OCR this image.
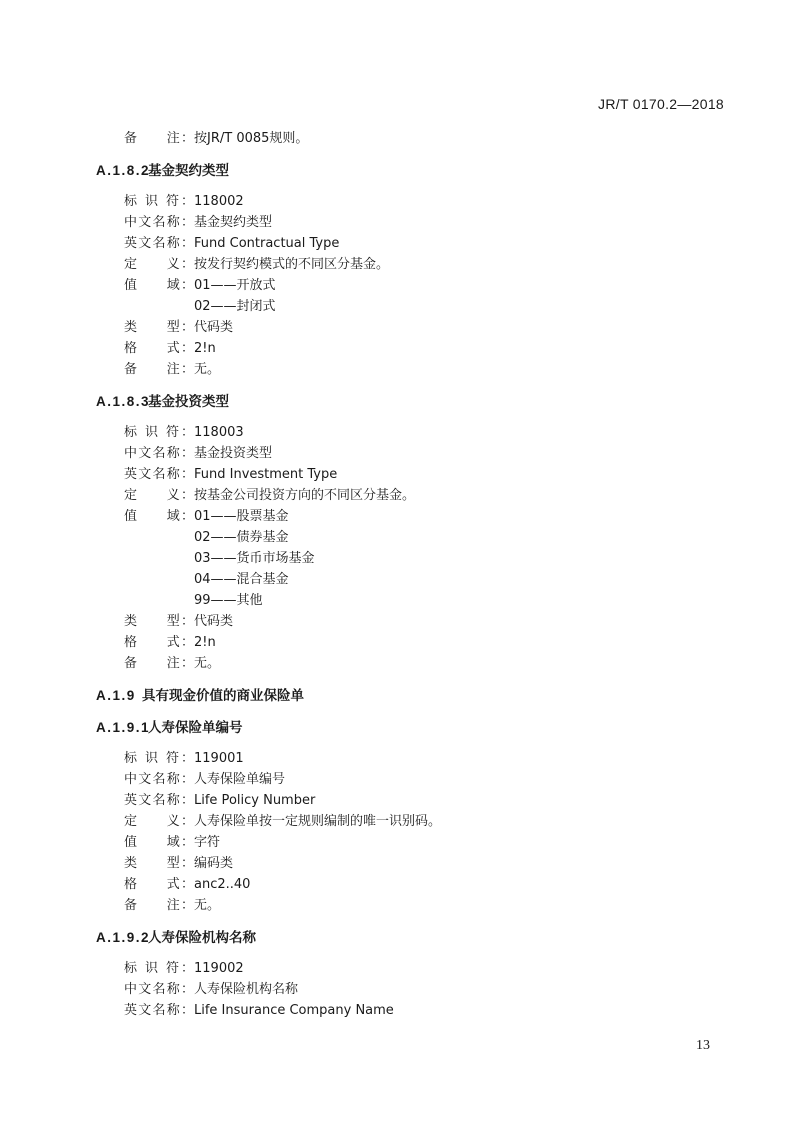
JR/T 0170.2—2018
备　　注：按JR/T 0085规则。
A.1.8.2基金契约类型
标 识 符：118002
中文名称：基金契约类型
英文名称：Fund Contractual Type
定　　义：按发行契约模式的不同区分基金。
值　　域：01——开放式
02——封闭式
类　　型：代码类
格　　式：2!n
备　　注：无。
A.1.8.3基金投资类型
标 识 符：118003
中文名称：基金投资类型
英文名称：Fund Investment Type
定　　义：按基金公司投资方向的不同区分基金。
值　　域：01——股票基金
02——债券基金
03——货币市场基金
04——混合基金
99——其他
类　　型：代码类
格　　式：2!n
备　　注：无。
A.1.9 具有现金价值的商业保险单
A.1.9.1人寿保险单编号
标 识 符：119001
中文名称：人寿保险单编号
英文名称：Life Policy Number
定　　义：人寿保险单按一定规则编制的唯一识别码。
值　　域：字符
类　　型：编码类
格　　式：anc2..40
备　　注：无。
A.1.9.2人寿保险机构名称
标 识 符：119002
中文名称：人寿保险机构名称
英文名称：Life Insurance Company Name
13
